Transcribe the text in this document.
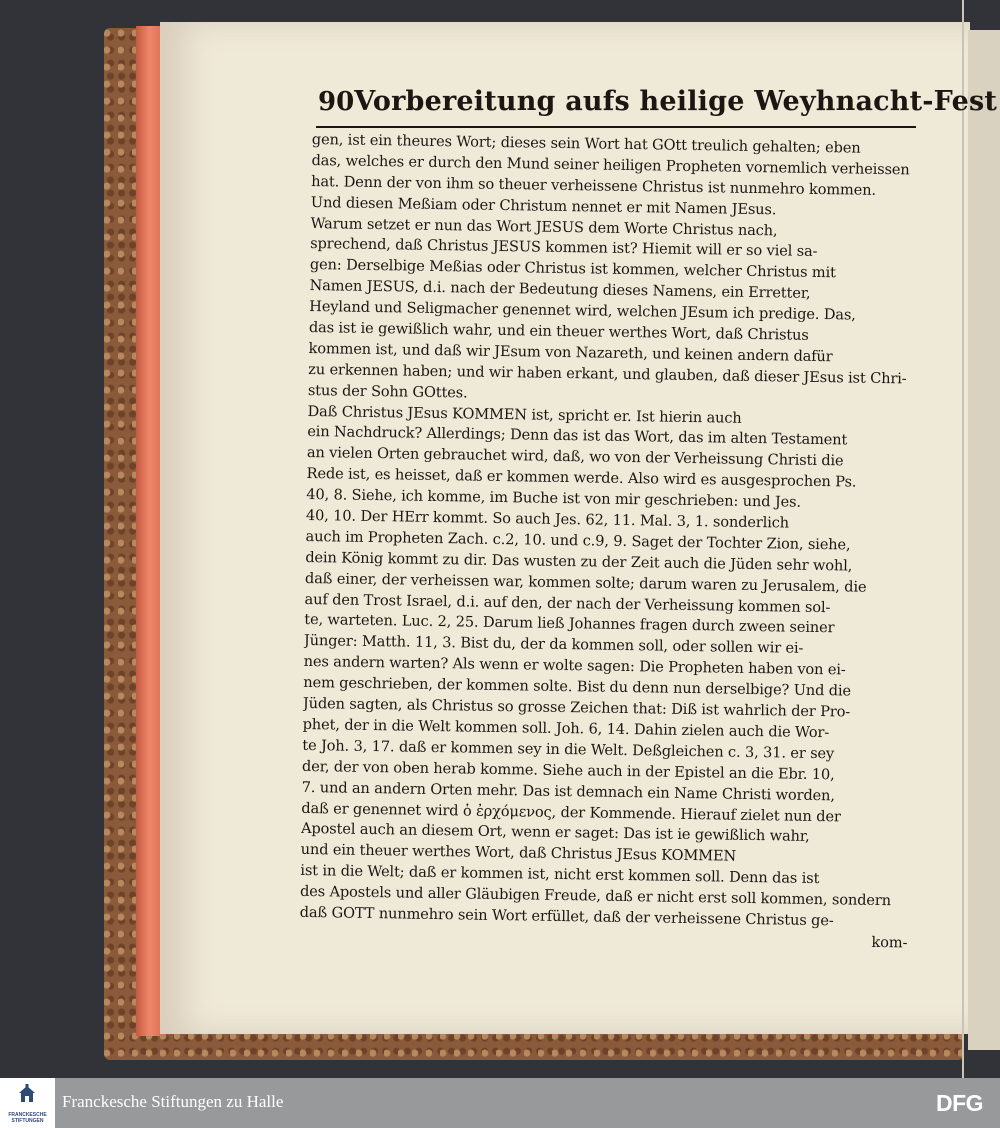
90 Vorbereitung aufs heilige Weyhnacht-Fest
gen, ist ein theures Wort; dieses sein Wort hat GOtt treulich gehalten; eben
das, welches er durch den Mund seiner heiligen Propheten vornemlich verheissen
hat. Denn der von ihm so theuer verheissene Christus ist nunmehro kommen.
Und diesen Meßiam oder Christum nennet er mit Namen JEsus.
Warum setzet er nun das Wort JESUS dem Worte Christus nach,
sprechend, daß Christus JESUS kommen ist? Hiemit will er so viel sa-
gen: Derselbige Meßias oder Christus ist kommen, welcher Christus mit
Namen JESUS, d.i. nach der Bedeutung dieses Namens, ein Erretter,
Heyland und Seligmacher genennet wird, welchen JEsum ich predige. Das,
das ist ie gewißlich wahr, und ein theuer werthes Wort, daß Christus
kommen ist, und daß wir JEsum von Nazareth, und keinen andern dafür
zu erkennen haben; und wir haben erkant, und glauben, daß dieser JEsus ist Chri-
stus der Sohn GOttes.
Daß Christus JEsus KOMMEN ist, spricht er. Ist hierin auch
ein Nachdruck? Allerdings; Denn das ist das Wort, das im alten Testament
an vielen Orten gebrauchet wird, daß, wo von der Verheissung Christi die
Rede ist, es heisset, daß er kommen werde. Also wird es ausgesprochen Ps.
40, 8. Siehe, ich komme, im Buche ist von mir geschrieben: und Jes.
40, 10. Der HErr kommt. So auch Jes. 62, 11. Mal. 3, 1. sonderlich
auch im Propheten Zach. c.2, 10. und c.9, 9. Saget der Tochter Zion, siehe,
dein König kommt zu dir. Das wusten zu der Zeit auch die Jüden sehr wohl,
daß einer, der verheissen war, kommen solte; darum waren zu Jerusalem, die
auf den Trost Israel, d.i. auf den, der nach der Verheissung kommen sol-
te, warteten. Luc. 2, 25. Darum ließ Johannes fragen durch zween seiner
Jünger: Matth. 11, 3. Bist du, der da kommen soll, oder sollen wir ei-
nes andern warten? Als wenn er wolte sagen: Die Propheten haben von ei-
nem geschrieben, der kommen solte. Bist du denn nun derselbige? Und die
Jüden sagten, als Christus so grosse Zeichen that: Diß ist wahrlich der Pro-
phet, der in die Welt kommen soll. Joh. 6, 14. Dahin zielen auch die Wor-
te Joh. 3, 17. daß er kommen sey in die Welt. Deßgleichen c. 3, 31. er sey
der, der von oben herab komme. Siehe auch in der Epistel an die Ebr. 10,
7. und an andern Orten mehr. Das ist demnach ein Name Christi worden,
daß er genennet wird ὁ ἐρχόμενος, der Kommende. Hierauf zielet nun der
Apostel auch an diesem Ort, wenn er saget: Das ist ie gewißlich wahr,
und ein theuer werthes Wort, daß Christus JEsus KOMMEN
ist in die Welt; daß er kommen ist, nicht erst kommen soll. Denn das ist
des Apostels und aller Gläubigen Freude, daß er nicht erst soll kommen, sondern
daß GOTT nunmehro sein Wort erfüllet, daß der verheissene Christus ge-
kom-
FRANCKESCHE STIFTUNGEN
Franckesche Stiftungen zu Halle	DFG
